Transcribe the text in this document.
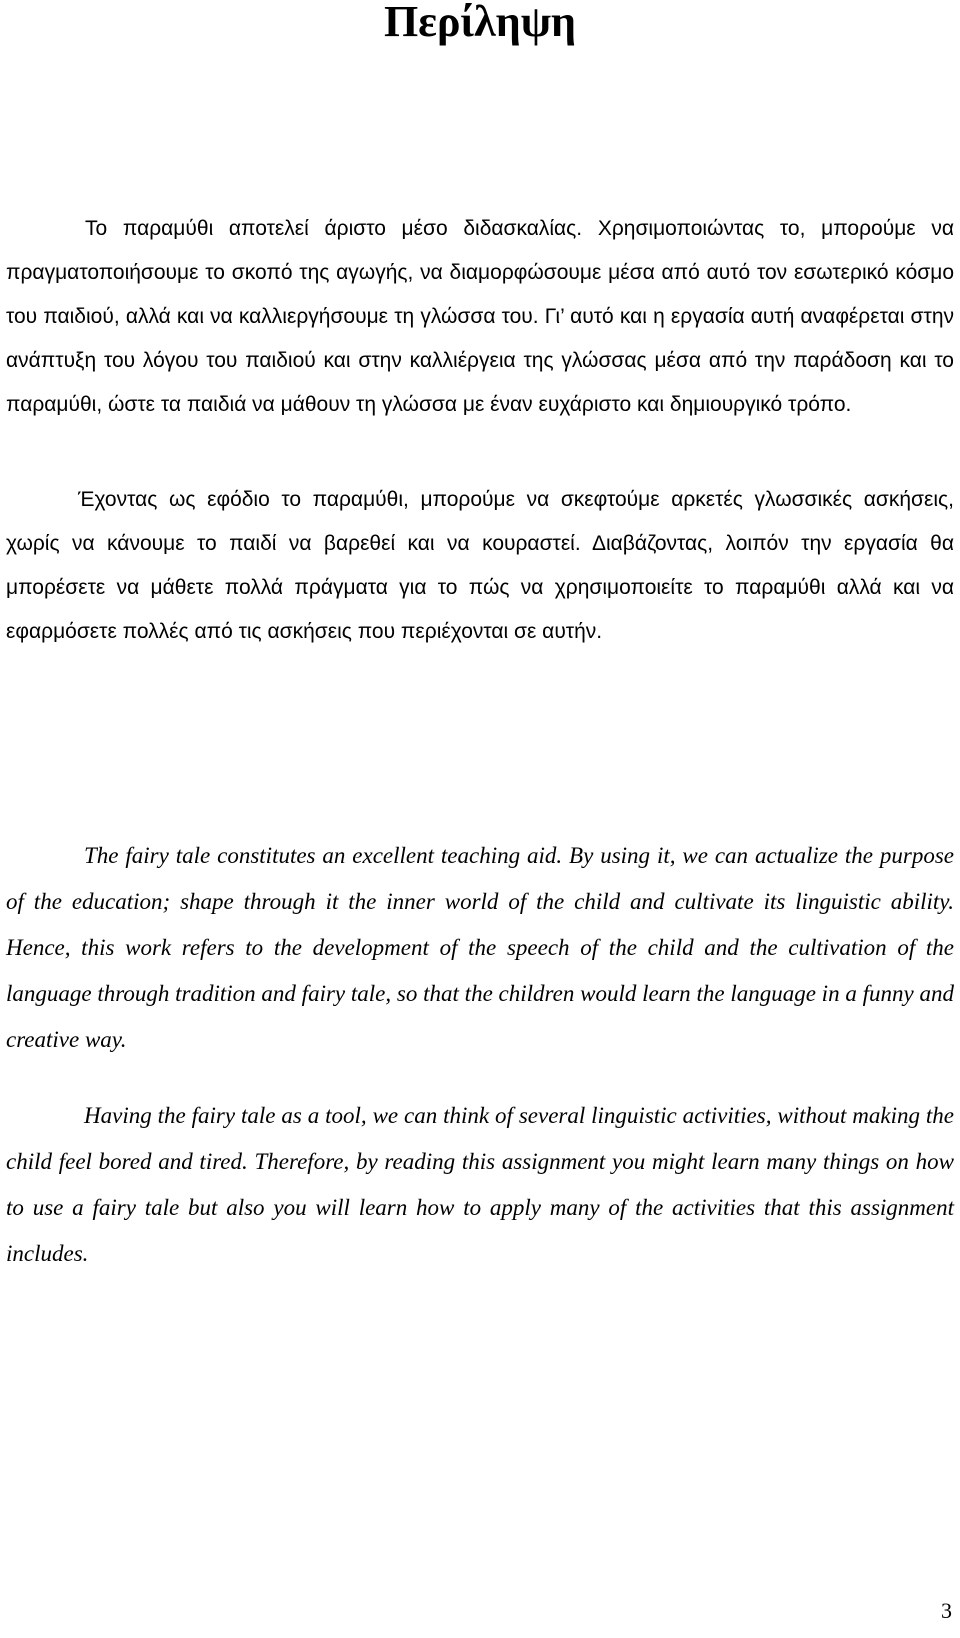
Περίληψη

Το παραμύθι αποτελεί άριστο μέσο διδασκαλίας. Χρησιμοποιώντας το, μπορούμε να πραγματοποιήσουμε το σκοπό της αγωγής, να διαμορφώσουμε μέσα από αυτό τον εσωτερικό κόσμο του παιδιού, αλλά και να καλλιεργήσουμε τη γλώσσα του. Γι’ αυτό και η εργασία αυτή αναφέρεται στην ανάπτυξη του λόγου του παιδιού και στην καλλιέργεια της γλώσσας μέσα από την παράδοση και το παραμύθι, ώστε τα παιδιά να μάθουν τη γλώσσα με έναν ευχάριστο και δημιουργικό τρόπο.

Έχοντας ως εφόδιο το παραμύθι, μπορούμε να σκεφτούμε αρκετές γλωσσικές ασκήσεις, χωρίς να κάνουμε το παιδί να βαρεθεί και να κουραστεί. Διαβάζοντας, λοιπόν την εργασία θα μπορέσετε να μάθετε πολλά πράγματα για το πώς να χρησιμοποιείτε το παραμύθι αλλά και να εφαρμόσετε πολλές από τις ασκήσεις που περιέχονται σε αυτήν.

The fairy tale constitutes an excellent teaching aid. By using it, we can actualize the purpose of the education; shape through it the inner world of the child and cultivate its linguistic ability. Hence, this work refers to the development of the speech of the child and the cultivation of the language through tradition and fairy tale, so that the children would learn the language in a funny and creative way.

Having the fairy tale as a tool, we can think of several linguistic activities, without making the child feel bored and tired. Therefore, by reading this assignment you might learn many things on how to use a fairy tale but also you will learn how to apply many of the activities that this assignment includes.

3
